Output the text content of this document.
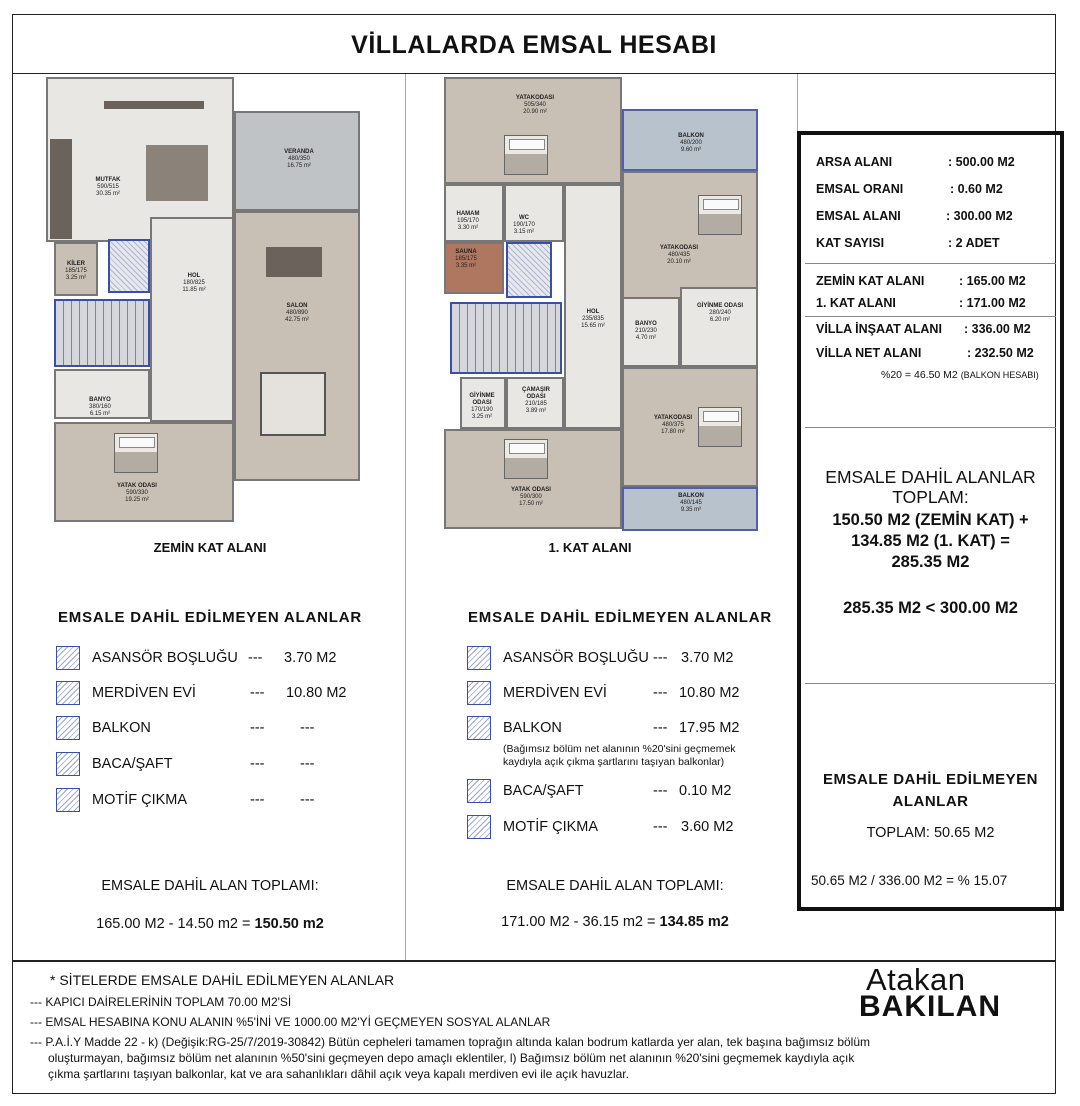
VİLLALARDA EMSAL HESABI
MUTFAK
590/515
30.35 m²
VERANDA
480/350
16.75 m²
KİLER
185/175
3.25 m²	HOL
180/825
11.85 m²
SALON
480/890
42.75 m²
BANYO
380/160
6.15 m²
YATAK ODASI
590/330
19.25 m²
ZEMİN KAT ALANI
YATAKODASI
505/340
20.90 m²
BALKON
480/200
9.60 m²
HAMAM
195/170
3.30 m²
WC
190/170
3.15 m²
YATAKODASI
480/435
20.10 m²
SAUNA
185/175
3.35 m²
HOL
235/835
15.65 m²
GİYİNME ODASI
280/240
6.20 m²
BANYO
210/230
4.70 m²
GİYİNME ODASI
170/190
3.25 m²
ÇAMAŞIR ODASI
210/185
3.89 m²
YATAKODASI
480/375
17.80 m²
YATAK ODASI
590/300
17.50 m²
BALKON
480/145
9.35 m²
1. KAT ALANI
EMSALE DAHİL EDİLMEYEN ALANLAR
ASANSÖR BOŞLUĞU --- 3.70 M2
MERDİVEN EVİ	--- 10.80 M2
BALKON	--- ---
BACA/ŞAFT	--- ---
MOTİF ÇIKMA	--- ---
EMSALE DAHİL ALAN TOPLAMI:
165.00 M2 - 14.50 m2 = 150.50 m2
EMSALE DAHİL EDİLMEYEN ALANLAR
ASANSÖR BOŞLUĞU --- 3.70 M2
MERDİVEN EVİ	--- 10.80 M2
BALKON	--- 17.95 M2
(Bağımsız bölüm net alanının %20'sini geçmemek
kaydıyla açık çıkma şartlarını taşıyan balkonlar)
BACA/ŞAFT	--- 0.10 M2
MOTİF ÇIKMA	--- 3.60 M2
EMSALE DAHİL ALAN TOPLAMI:
171.00 M2 - 36.15 m2 = 134.85 m2
ARSA ALANI	: 500.00 M2
EMSAL ORANI	: 0.60 M2
EMSAL ALANI	: 300.00 M2
KAT SAYISI	: 2 ADET
ZEMİN KAT ALANI	: 165.00 M2
1. KAT ALANI	: 171.00 M2
VİLLA İNŞAAT ALANI : 336.00 M2
VİLLA NET ALANI	: 232.50 M2
%20 = 46.50 M2 (BALKON HESABI)
EMSALE DAHİL ALANLAR
TOPLAM:
150.50 M2 (ZEMİN KAT) +
134.85 M2 (1. KAT) =
285.35 M2
285.35 M2 < 300.00 M2
EMSALE DAHİL EDİLMEYEN
ALANLAR
TOPLAM: 50.65 M2
50.65 M2 / 336.00 M2 = % 15.07
* SİTELERDE EMSALE DAHİL EDİLMEYEN ALANLAR
--- KAPICI DAİRELERİNİN TOPLAM 70.00 M2'Sİ
--- EMSAL HESABINA KONU ALANIN %5'İNİ VE 1000.00 M2'Yİ GEÇMEYEN SOSYAL ALANLAR
--- P.A.İ.Y Madde 22 - k) (Değişik:RG-25/7/2019-30842) Bütün cepheleri tamamen toprağın altında kalan bodrum katlarda yer alan, tek başına bağımsız bölüm
oluşturmayan, bağımsız bölüm net alanının %50'sini geçmeyen depo amaçlı eklentiler, l) Bağımsız bölüm net alanının %20'sini geçmemek kaydıyla açık
çıkma şartlarını taşıyan balkonlar, kat ve ara sahanlıkları dâhil açık veya kapalı merdiven evi ile açık havuzlar.
Atakan
BAKILAN
